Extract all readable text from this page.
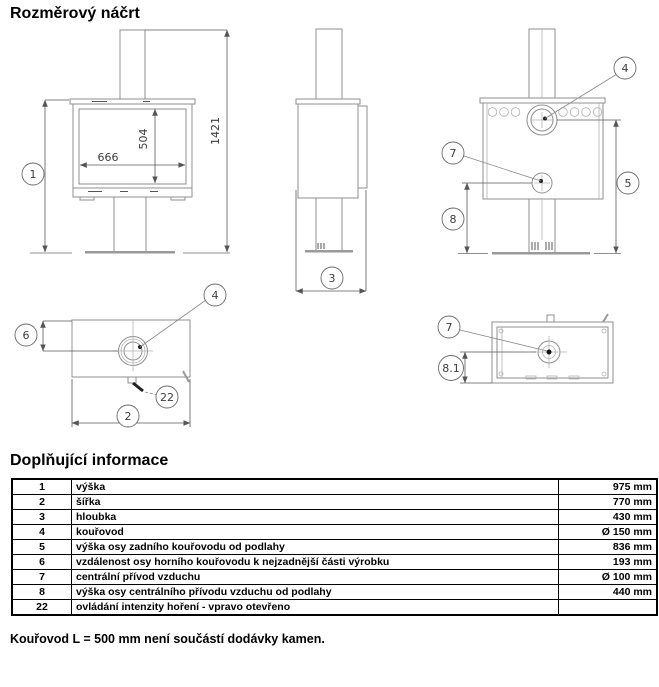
Rozměrový náčrt
666
504	1421
1
3
4
7
5
8
4
6
22
2
7
8.1
Doplňující informace
1	výška	975 mm
2	šířka	770 mm
3	hloubka	430 mm
4	kouřovod	Ø 150 mm
5	výška osy zadního kouřovodu od podlahy	836 mm
6	vzdálenost osy horního kouřovodu k nejzadnější části výrobku	193 mm
7	centrální přívod vzduchu	Ø 100 mm
8	výška osy centrálního přívodu vzduchu od podlahy	440 mm
22	ovládání intenzity hoření - vpravo otevřeno	
Kouřovod L = 500 mm není součástí dodávky kamen.
